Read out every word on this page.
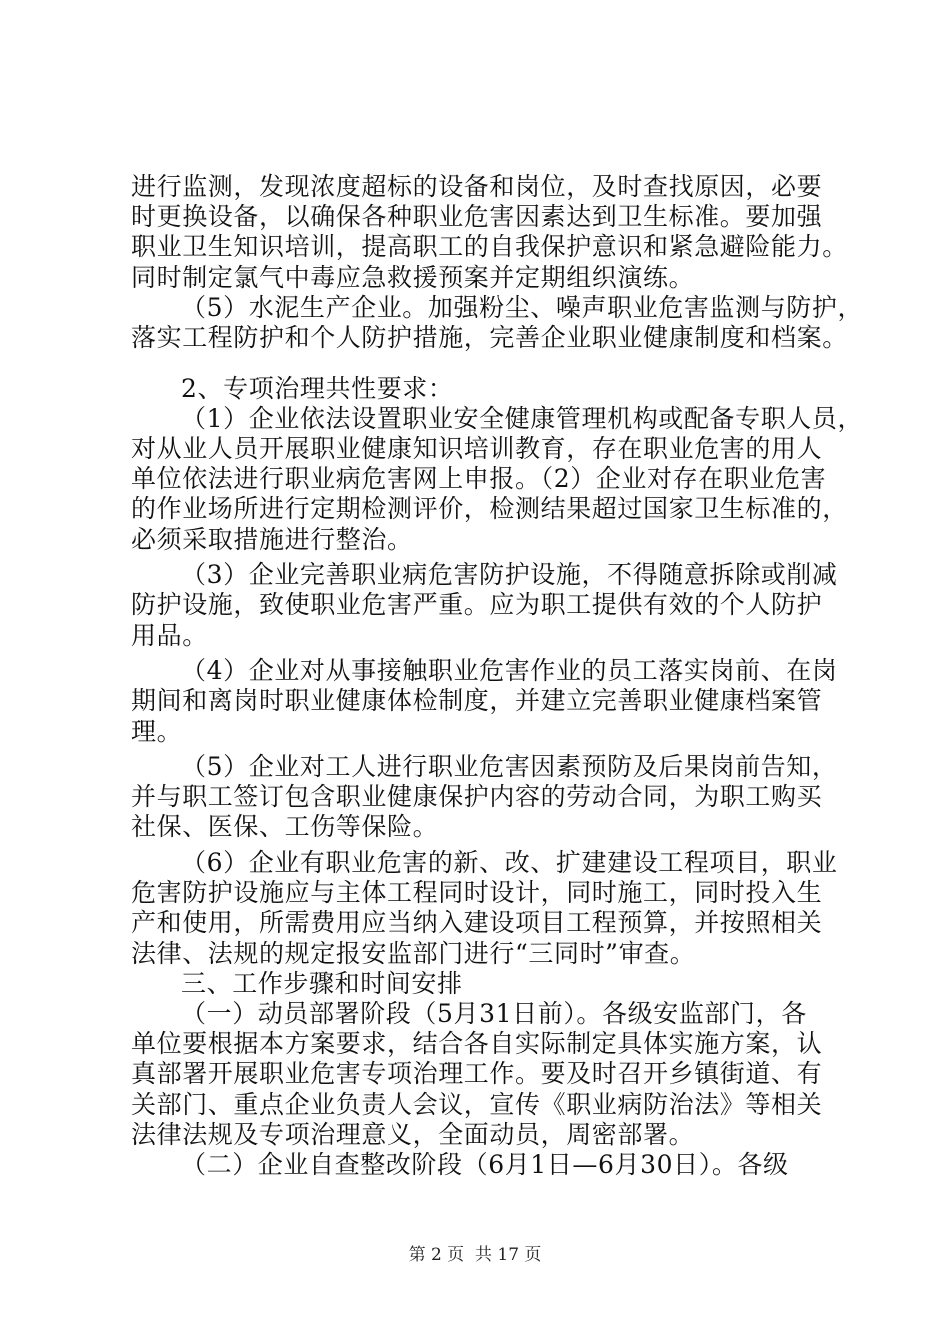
进行监测，发现浓度超标的设备和岗位，及时查找原因，必要
时更换设备，以确保各种职业危害因素达到卫生标准。要加强
职业卫生知识培训，提高职工的自我保护意识和紧急避险能力。
同时制定氯气中毒应急救援预案并定期组织演练。
（5）水泥生产企业。加强粉尘、噪声职业危害监测与防护，
落实工程防护和个人防护措施，完善企业职业健康制度和档案。
2、专项治理共性要求：
（1）企业依法设置职业安全健康管理机构或配备专职人员，
对从业人员开展职业健康知识培训教育，存在职业危害的用人
单位依法进行职业病危害网上申报。（2）企业对存在职业危害
的作业场所进行定期检测评价，检测结果超过国家卫生标准的，
必须采取措施进行整治。
（3）企业完善职业病危害防护设施，不得随意拆除或削减
防护设施，致使职业危害严重。应为职工提供有效的个人防护
用品。
（4）企业对从事接触职业危害作业的员工落实岗前、在岗
期间和离岗时职业健康体检制度，并建立完善职业健康档案管
理。
（5）企业对工人进行职业危害因素预防及后果岗前告知，
并与职工签订包含职业健康保护内容的劳动合同，为职工购买
社保、医保、工伤等保险。
（6）企业有职业危害的新、改、扩建建设工程项目，职业
危害防护设施应与主体工程同时设计，同时施工，同时投入生
产和使用，所需费用应当纳入建设项目工程预算，并按照相关
法律、法规的规定报安监部门进行“三同时”审查。
三、工作步骤和时间安排
（一）动员部署阶段（5月31日前）。各级安监部门，各
单位要根据本方案要求，结合各自实际制定具体实施方案，认
真部署开展职业危害专项治理工作。要及时召开乡镇街道、有
关部门、重点企业负责人会议，宣传《职业病防治法》等相关
法律法规及专项治理意义，全面动员，周密部署。
（二）企业自查整改阶段（6月1日—6月30日）。各级
第 2 页  共 17 页
